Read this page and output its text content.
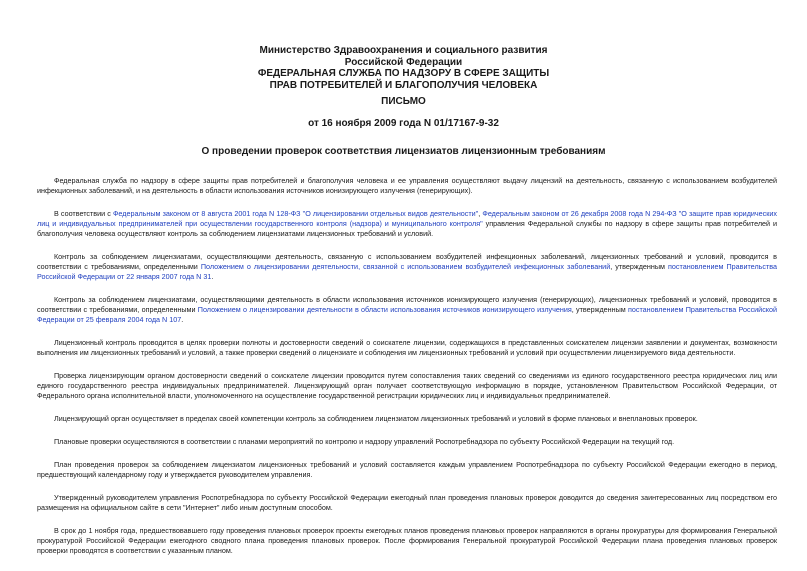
Министерство Здравоохранения и социального развития
Российской Федерации
ФЕДЕРАЛЬНАЯ СЛУЖБА ПО НАДЗОРУ В СФЕРЕ ЗАЩИТЫ
ПРАВ ПОТРЕБИТЕЛЕЙ И БЛАГОПОЛУЧИЯ ЧЕЛОВЕКА
ПИСЬМО
от 16 ноября 2009 года N 01/17167-9-32
О проведении проверок соответствия лицензиатов лицензионным требованиям

Федеральная служба по надзору в сфере защиты прав потребителей и благополучия человека и ее управления осуществляют выдачу лицензий на деятельность, связанную с использованием возбудителей инфекционных заболеваний, и на деятельность в области использования источников ионизирующего излучения (генерирующих).

В соответствии с Федеральным законом от 8 августа 2001 года N 128-ФЗ "О лицензировании отдельных видов деятельности", Федеральным законом от 26 декабря 2008 года N 294-ФЗ "О защите прав юридических лиц и индивидуальных предпринимателей при осуществлении государственного контроля (надзора) и муниципального контроля" управления Федеральной службы по надзору в сфере защиты прав потребителей и благополучия человека осуществляют контроль за соблюдением лицензиатами лицензионных требований и условий.

Контроль за соблюдением лицензиатами, осуществляющими деятельность, связанную с использованием возбудителей инфекционных заболеваний, лицензионных требований и условий, проводится в соответствии с требованиями, определенными Положением о лицензировании деятельности, связанной с использованием возбудителей инфекционных заболеваний, утвержденным постановлением Правительства Российской Федерации от 22 января 2007 года N 31.

Контроль за соблюдением лицензиатами, осуществляющими деятельность в области использования источников ионизирующего излучения (генерирующих), лицензионных требований и условий, проводится в соответствии с требованиями, определенными Положением о лицензировании деятельности в области использования источников ионизирующего излучения, утвержденным постановлением Правительства Российской Федерации от 25 февраля 2004 года N 107.

Лицензионный контроль проводится в целях проверки полноты и достоверности сведений о соискателе лицензии, содержащихся в представленных соискателем лицензии заявлении и документах, возможности выполнения им лицензионных требований и условий, а также проверки сведений о лицензиате и соблюдения им лицензионных требований и условий при осуществлении лицензируемого вида деятельности.

Проверка лицензирующим органом достоверности сведений о соискателе лицензии проводится путем сопоставления таких сведений со сведениями из единого государственного реестра юридических лиц или единого государственного реестра индивидуальных предпринимателей. Лицензирующий орган получает соответствующую информацию в порядке, установленном Правительством Российской Федерации, от Федерального органа исполнительной власти, уполномоченного на осуществление государственной регистрации юридических лиц и индивидуальных предпринимателей.

Лицензирующий орган осуществляет в пределах своей компетенции контроль за соблюдением лицензиатом лицензионных требований и условий в форме плановых и внеплановых проверок.

Плановые проверки осуществляются в соответствии с планами мероприятий по контролю и надзору управлений Роспотребнадзора по субъекту Российской Федерации на текущий год.

План проведения проверок за соблюдением лицензиатом лицензионных требований и условий составляется каждым управлением Роспотребнадзора по субъекту Российской Федерации ежегодно в период, предшествующий календарному году и утверждается руководителем управления.

Утвержденный руководителем управления Роспотребнадзора по субъекту Российской Федерации ежегодный план проведения плановых проверок доводится до сведения заинтересованных лиц посредством его размещения на официальном сайте в сети "Интернет" либо иным доступным способом.

В срок до 1 ноября года, предшествовавшего году проведения плановых проверок проекты ежегодных планов проведения плановых проверок направляются в органы прокуратуры для формирования Генеральной прокуратурой Российской Федерации ежегодного сводного плана проведения плановых проверок. После формирования Генеральной прокуратурой Российской Федерации плана проведения плановых проверок проверки проводятся в соответствии с указанным планом.
